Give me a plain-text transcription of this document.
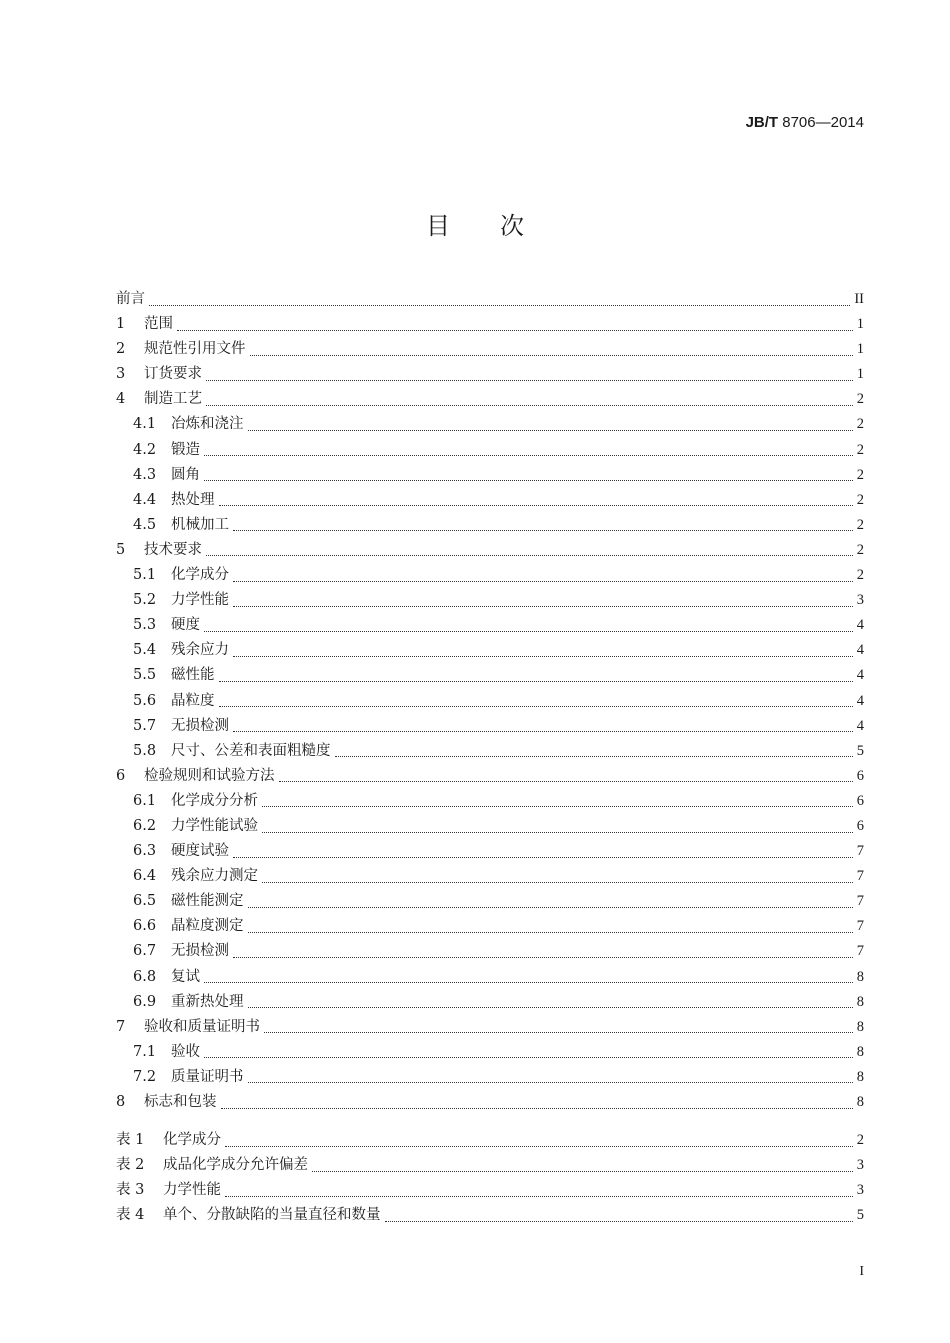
JB/T 8706—2014
目次
前言	II
1	范围	1
2	规范性引用文件	1
3	订货要求	1
4	制造工艺	2
4.1	冶炼和浇注	2
4.2	锻造	2
4.3	圆角	2
4.4	热处理	2
4.5	机械加工	2
5	技术要求	2
5.1	化学成分	2
5.2	力学性能	3
5.3	硬度	4
5.4	残余应力	4
5.5	磁性能	4
5.6	晶粒度	4
5.7	无损检测	4
5.8	尺寸、公差和表面粗糙度	5
6	检验规则和试验方法	6
6.1	化学成分分析	6
6.2	力学性能试验	6
6.3	硬度试验	7
6.4	残余应力测定	7
6.5	磁性能测定	7
6.6	晶粒度测定	7
6.7	无损检测	7
6.8	复试	8
6.9	重新热处理	8
7	验收和质量证明书	8
7.1	验收	8
7.2	质量证明书	8
8	标志和包装	8
表 1	化学成分	2
表 2	成品化学成分允许偏差	3
表 3	力学性能	3
表 4	单个、分散缺陷的当量直径和数量	5
I
